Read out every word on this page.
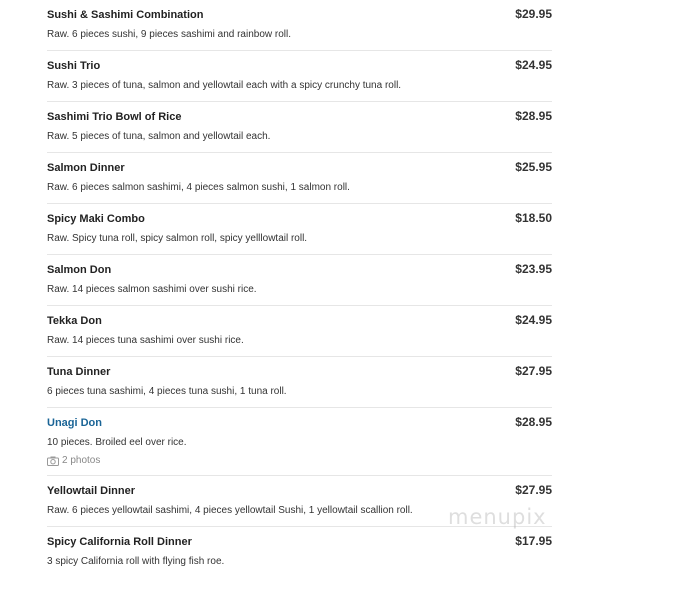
Sushi & Sashimi Combination	$29.95
Raw. 6 pieces sushi, 9 pieces sashimi and rainbow roll.
Sushi Trio	$24.95
Raw. 3 pieces of tuna, salmon and yellowtail each with a spicy crunchy tuna roll.
Sashimi Trio Bowl of Rice	$28.95
Raw. 5 pieces of tuna, salmon and yellowtail each.
Salmon Dinner	$25.95
Raw. 6 pieces salmon sashimi, 4 pieces salmon sushi, 1 salmon roll.
Spicy Maki Combo	$18.50
Raw. Spicy tuna roll, spicy salmon roll, spicy yelllowtail roll.
Salmon Don	$23.95
Raw. 14 pieces salmon sashimi over sushi rice.
Tekka Don	$24.95
Raw. 14 pieces tuna sashimi over sushi rice.
Tuna Dinner	$27.95
6 pieces tuna sashimi, 4 pieces tuna sushi, 1 tuna roll.
Unagi Don	$28.95
10 pieces. Broiled eel over rice.
2 photos
Yellowtail Dinner	$27.95
Raw. 6 pieces yellowtail sashimi, 4 pieces yellowtail Sushi, 1 yellowtail scallion roll.
Spicy California Roll Dinner	$17.95
3 spicy California roll with flying fish roe.
menupix
